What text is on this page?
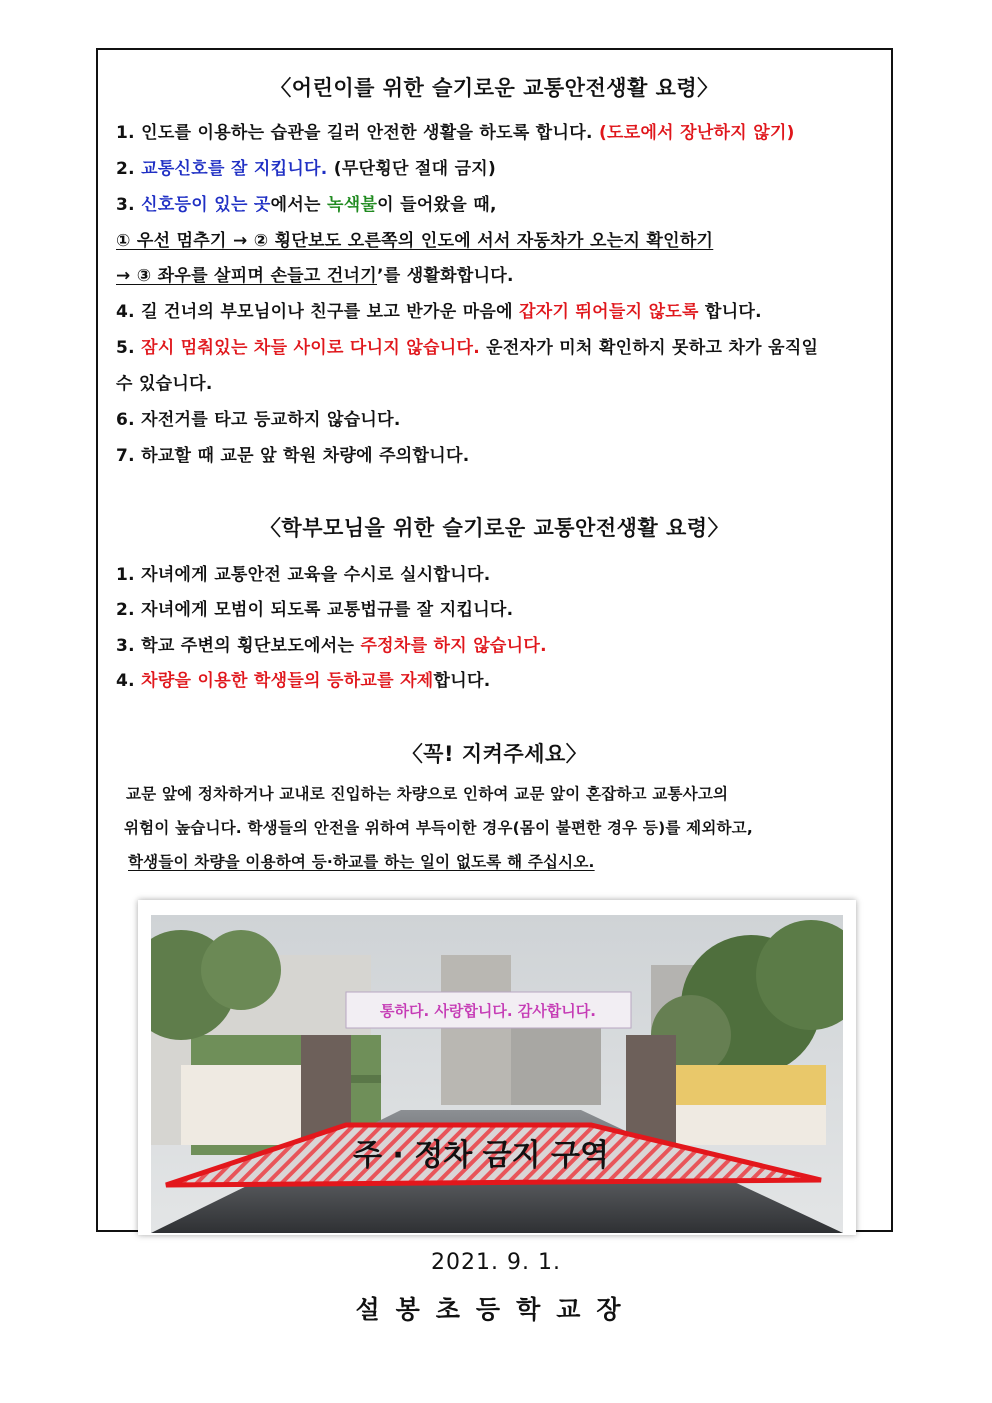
〈어린이를 위한 슬기로운 교통안전생활 요령〉
1. 인도를 이용하는 습관을 길러 안전한 생활을 하도록 합니다. (도로에서 장난하지 않기)
2. 교통신호를 잘 지킵니다. (무단횡단 절대 금지)
3. 신호등이 있는 곳에서는 녹색불이 들어왔을 때,
① 우선 멈추기 → ② 횡단보도 오른쪽의 인도에 서서 자동차가 오는지 확인하기
→ ③ 좌우를 살피며 손들고 건너기’를 생활화합니다.
4. 길 건너의 부모님이나 친구를 보고 반가운 마음에 갑자기 뛰어들지 않도록 합니다.
5. 잠시 멈춰있는 차들 사이로 다니지 않습니다. 운전자가 미처 확인하지 못하고 차가 움직일
수 있습니다.
6. 자전거를 타고 등교하지 않습니다.
7. 하교할 때 교문 앞 학원 차량에 주의합니다.
〈학부모님을 위한 슬기로운 교통안전생활 요령〉
1. 자녀에게 교통안전 교육을 수시로 실시합니다.
2. 자녀에게 모범이 되도록 교통법규를 잘 지킵니다.
3. 학교 주변의 횡단보도에서는 주정차를 하지 않습니다.
4. 차량을 이용한 학생들의 등하교를 자제합니다.
〈꼭! 지켜주세요〉
교문 앞에 정차하거나 교내로 진입하는 차량으로 인하여 교문 앞이 혼잡하고 교통사고의
위험이 높습니다. 학생들의 안전을 위하여 부득이한 경우(몸이 불편한 경우 등)를 제외하고,
학생들이 차량을 이용하여 등·하교를 하는 일이 없도록 해 주십시오.
통하다. 사랑합니다. 감사합니다.
주 · 정차 금지 구역
2021. 9. 1.
설봉초등학교장
